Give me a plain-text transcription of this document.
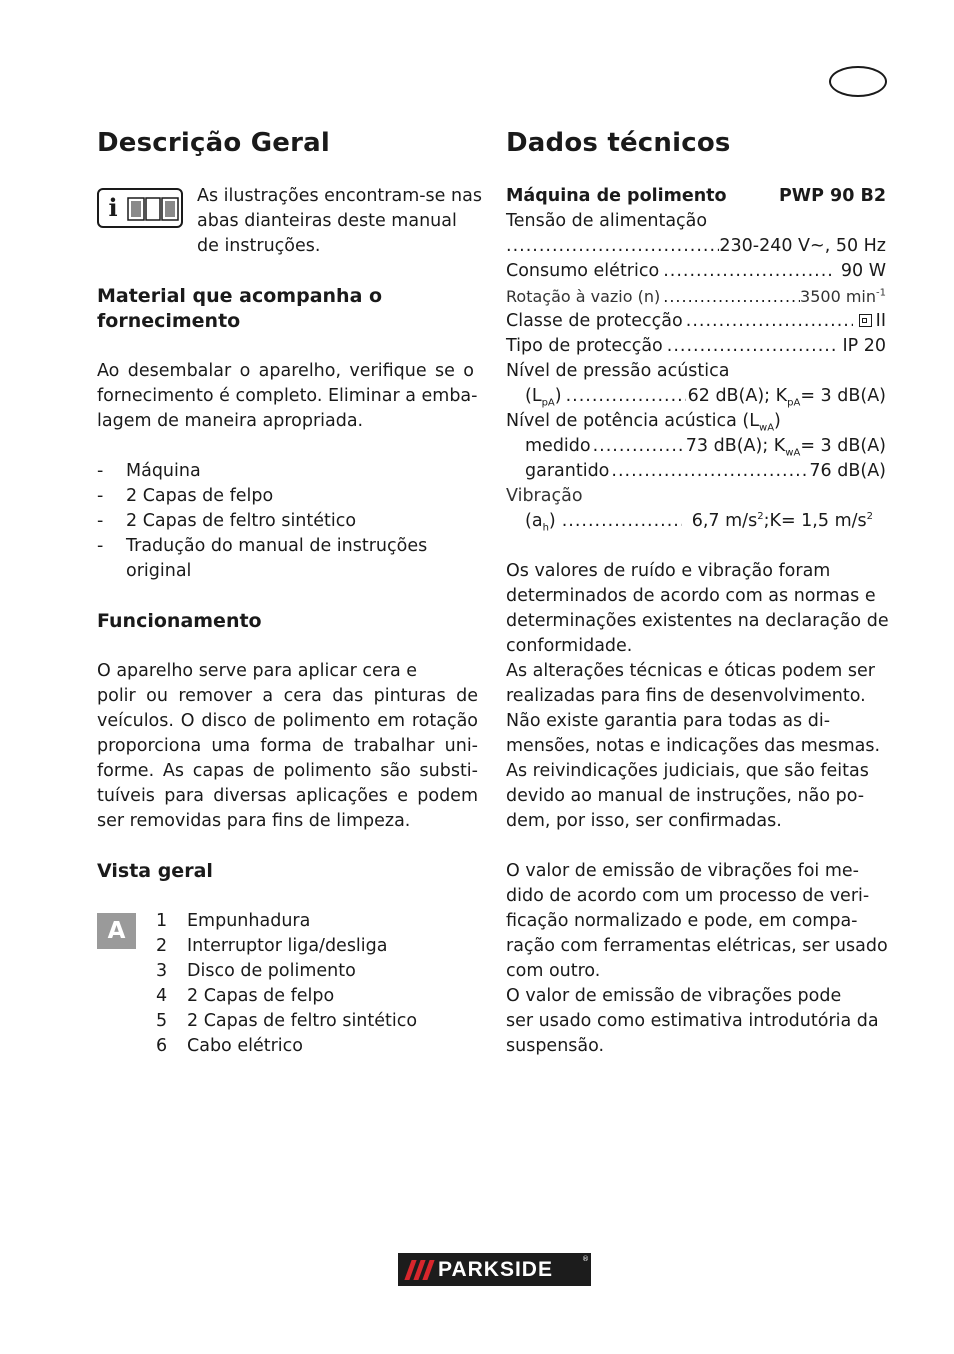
Descrição Geral
i	As ilustrações encontram-se nas
abas dianteiras deste manual
de instruções.
Material que acompanha o
fornecimento
Ao desembalar o aparelho, verifique se o
fornecimento é completo. Eliminar a emba-
lagem de maneira apropriada.
- Máquina
- 2 Capas de felpo
- 2 Capas de feltro sintético
- Tradução do manual de instruções
original
Funcionamento
O aparelho serve para aplicar cera e
polir ou remover a cera das pinturas de
veículos. O disco de polimento em rotação
proporciona uma forma de trabalhar uni-
forme. As capas de polimento são substi-
tuíveis para diversas aplicações e podem
ser removidas para fins de limpeza.
Vista geral
A	1 Empunhadura
2 Interruptor liga/desliga
3 Disco de polimento
4 2 Capas de felpo
5 2 Capas de feltro sintético
6 Cabo elétrico
Dados técnicos
Máquina de polimento	PWP 90 B2
Tensão de alimentação
.....
230-240 V~, 50 Hz
Consumo elétrico .....	90 W
Rotação à vazio (n) .....	3500 $\min^{-1}$
Classe de protecção .....	II
Tipo de protecção .....	IP 20
Nível de pressão acústica
$(L_{pA})$ .....	62 dB(A); $K_{pA}= 3$ dB(A)
Nível de potência acústica $(L_{wA})$
medido .....	73 dB(A); $K_{wA}= 3$ dB(A)
garantido .....	76 dB(A)
Vibração
$(a_h)$ .....	6,7 $m/s^2;K= 1,5$ $m/s^2$
Os valores de ruído e vibração foram
determinados de acordo com as normas e
determinações existentes na declaração de
conformidade.
As alterações técnicas e óticas podem ser
realizadas para fins de desenvolvimento.
Não existe garantia para todas as di-
mensões, notas e indicações das mesmas.
As reivindicações judiciais, que são feitas
devido ao manual de instruções, não po-
dem, por isso, ser confirmadas.
O valor de emissão de vibrações foi me-
dido de acordo com um processo de veri-
ficação normalizado e pode, em compa-
ração com ferramentas elétricas, ser usado
com outro.
O valor de emissão de vibrações pode
ser usado como estimativa introdutória da
suspensão.
PARKSIDE	®
